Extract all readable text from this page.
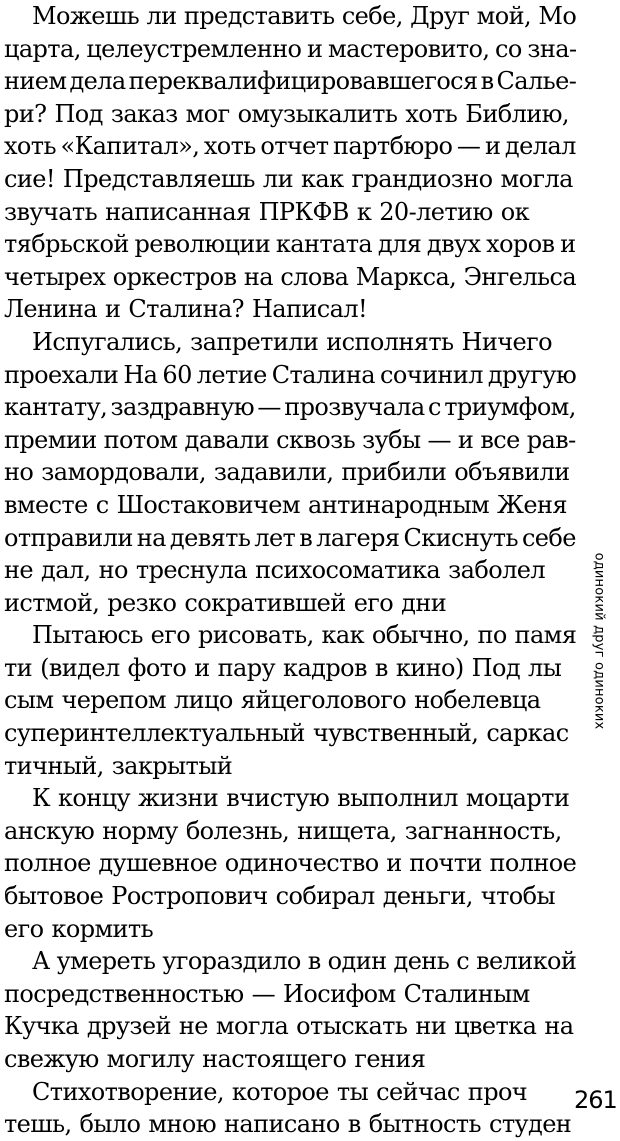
Можешь ли представить себе, Друг мой, Мо
царта, целеустремленно и мастеровито, со зна-
нием дела переквалифицировавшегося в Салье-
ри? Под заказ мог омузыкалить хоть Библию,
хоть «Капитал», хоть отчет партбюро — и делал
сие! Представляешь ли как грандиозно могла
звучать написанная ПРКФВ к 20-летию ок
тябрьской революции кантата для двух хоров и
четырех оркестров на слова Маркса, Энгельса
Ленина и Сталина? Написал!
Испугались, запретили исполнять Ничего
проехали На 60 летие Сталина сочинил другую
кантату, заздравную — прозвучала с триумфом,
премии потом давали сквозь зубы — и все рав-
но замордовали, задавили, прибили объявили
вместе с Шостаковичем антинародным Женя
отправили на девять лет в лагеря Скиснуть себе
не дал, но треснула психосоматика заболел
истмой, резко сократившей его дни
Пытаюсь его рисовать, как обычно, по памя
ти (видел фото и пару кадров в кино) Под лы
сым черепом лицо яйцеголового нобелевца
суперинтеллектуальный чувственный, саркас
тичный, закрытый
К концу жизни вчистую выполнил моцарти
анскую норму болезнь, нищета, загнанность,
полное душевное одиночество и почти полное
бытовое Ростропович собирал деньги, чтобы
его кормить
А умереть угораздило в один день с великой
посредственностью — Иосифом Сталиным
Кучка друзей не могла отыскать ни цветка на
свежую могилу настоящего гения
Стихотворение, которое ты сейчас проч
тешь, было мною написано в бытность студен
одинокий друг одиноких
261
